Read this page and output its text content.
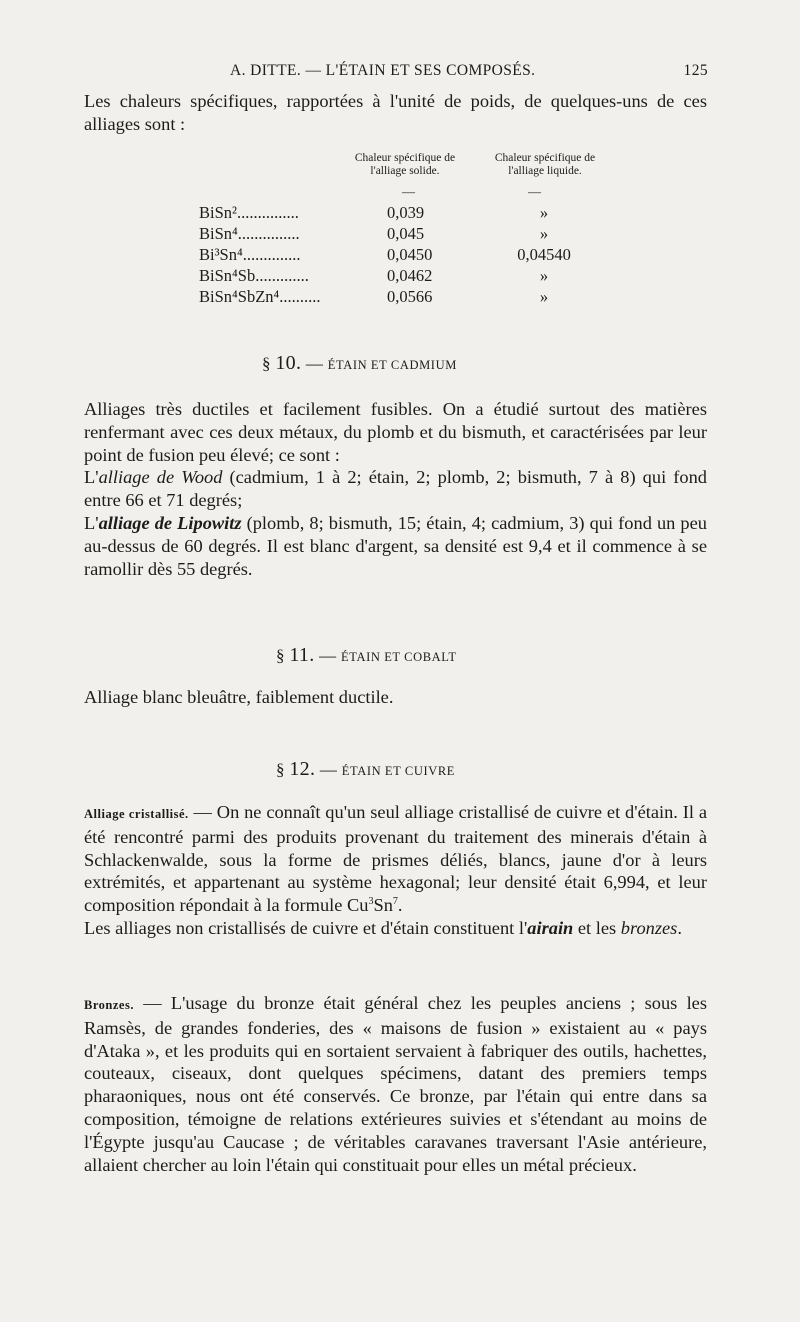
A. DITTE. — L'ÉTAIN ET SES COMPOSÉS.	125

Les chaleurs spécifiques, rapportées à l'unité de poids, de quelques-uns de ces alliages sont :

Chaleur spécifique de l'alliage solide.
Chaleur spécifique de l'alliage liquide.
—	—
BiSn²...............	0,039	»
BiSn⁴...............	0,045	»
Bi³Sn⁴..............	0,0450	0,04540
BiSn⁴Sb.............	0,0462	»
BiSn⁴SbZn⁴..........	0,0566	»
§ 10. — ÉTAIN ET CADMIUM

Alliages très ductiles et facilement fusibles. On a étudié surtout des matières renfermant avec ces deux métaux, du plomb et du bismuth, et caractérisées par leur point de fusion peu élevé; ce sont :

L'alliage de Wood (cadmium, 1 à 2; étain, 2; plomb, 2; bismuth, 7 à 8) qui fond entre 66 et 71 degrés;

L'alliage de Lipowitz (plomb, 8; bismuth, 15; étain, 4; cadmium, 3) qui fond un peu au-dessus de 60 degrés. Il est blanc d'argent, sa densité est 9,4 et il commence à se ramollir dès 55 degrés.

§ 11. — ÉTAIN ET COBALT

Alliage blanc bleuâtre, faiblement ductile.

§ 12. — ÉTAIN ET CUIVRE

Alliage cristallisé. — On ne connaît qu'un seul alliage cristallisé de cuivre et d'étain. Il a été rencontré parmi des produits provenant du traitement des minerais d'étain à Schlackenwalde, sous la forme de prismes déliés, blancs, jaune d'or à leurs extrémités, et appartenant au système hexagonal; leur densité était 6,994, et leur composition répondait à la formule Cu$^3$Sn$^7$.

Les alliages non cristallisés de cuivre et d'étain constituent l'airain et les bronzes.

Bronzes. — L'usage du bronze était général chez les peuples anciens ; sous les Ramsès, de grandes fonderies, des « maisons de fusion » existaient au « pays d'Ataka », et les produits qui en sortaient servaient à fabriquer des outils, hachettes, couteaux, ciseaux, dont quelques spécimens, datant des premiers temps pharaoniques, nous ont été conservés. Ce bronze, par l'étain qui entre dans sa composition, témoigne de relations extérieures suivies et s'étendant au moins de l'Égypte jusqu'au Caucase ; de véritables caravanes traversant l'Asie antérieure, allaient chercher au loin l'étain qui constituait pour elles un métal précieux.
